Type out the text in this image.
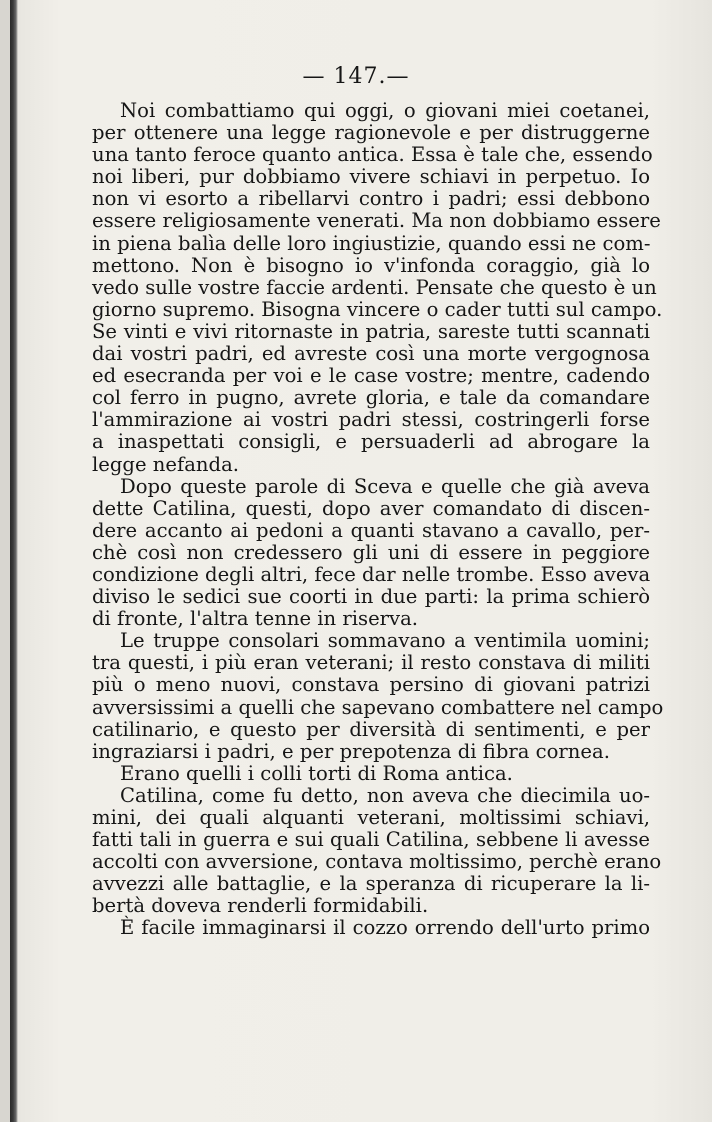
— 147.—
Noi combattiamo qui oggi, o giovani miei coetanei,
per ottenere una legge ragionevole e per distruggerne
una tanto feroce quanto antica. Essa è tale che, essendo
noi liberi, pur dobbiamo vivere schiavi in perpetuo. Io
non vi esorto a ribellarvi contro i padri; essi debbono
essere religiosamente venerati. Ma non dobbiamo essere
in piena balìa delle loro ingiustizie, quando essi ne com-
mettono. Non è bisogno io v'infonda coraggio, già lo
vedo sulle vostre faccie ardenti. Pensate che questo è un
giorno supremo. Bisogna vincere o cader tutti sul campo.
Se vinti e vivi ritornaste in patria, sareste tutti scannati
dai vostri padri, ed avreste così una morte vergognosa
ed esecranda per voi e le case vostre; mentre, cadendo
col ferro in pugno, avrete gloria, e tale da comandare
l'ammirazione ai vostri padri stessi, costringerli forse
a inaspettati consigli, e persuaderli ad abrogare la
legge nefanda.
Dopo queste parole di Sceva e quelle che già aveva
dette Catilina, questi, dopo aver comandato di discen-
dere accanto ai pedoni a quanti stavano a cavallo, per-
chè così non credessero gli uni di essere in peggiore
condizione degli altri, fece dar nelle trombe. Esso aveva
diviso le sedici sue coorti in due parti: la prima schierò
di fronte, l'altra tenne in riserva.
Le truppe consolari sommavano a ventimila uomini;
tra questi, i più eran veterani; il resto constava di militi
più o meno nuovi, constava persino di giovani patrizi
avversissimi a quelli che sapevano combattere nel campo
catilinario, e questo per diversità di sentimenti, e per
ingraziarsi i padri, e per prepotenza di fibra cornea.
Erano quelli i colli torti di Roma antica.
Catilina, come fu detto, non aveva che diecimila uo-
mini, dei quali alquanti veterani, moltissimi schiavi,
fatti tali in guerra e sui quali Catilina, sebbene li avesse
accolti con avversione, contava moltissimo, perchè erano
avvezzi alle battaglie, e la speranza di ricuperare la li-
bertà doveva renderli formidabili.
È facile immaginarsi il cozzo orrendo dell'urto primo
